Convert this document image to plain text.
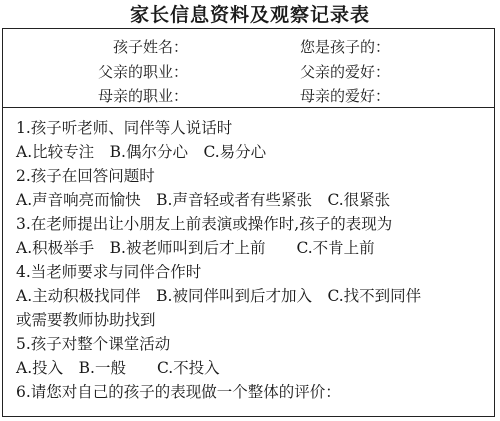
家长信息资料及观察记录表
孩子姓名：	您是孩子的：
父亲的职业：	父亲的爱好：
母亲的职业：	母亲的爱好：
1.孩子听老师、同伴等人说话时
A.比较专注　B.偶尔分心　C.易分心
2.孩子在回答问题时
A.声音响亮而愉快　B.声音轻或者有些紧张　C.很紧张
3.在老师提出让小朋友上前表演或操作时,孩子的表现为
A.积极举手　B.被老师叫到后才上前　　C.不肯上前
4.当老师要求与同伴合作时
A.主动积极找同伴　B.被同伴叫到后才加入　C.找不到同伴
或需要教师协助找到
5.孩子对整个课堂活动
A.投入　B.一般　　C.不投入
6.请您对自己的孩子的表现做一个整体的评价：
